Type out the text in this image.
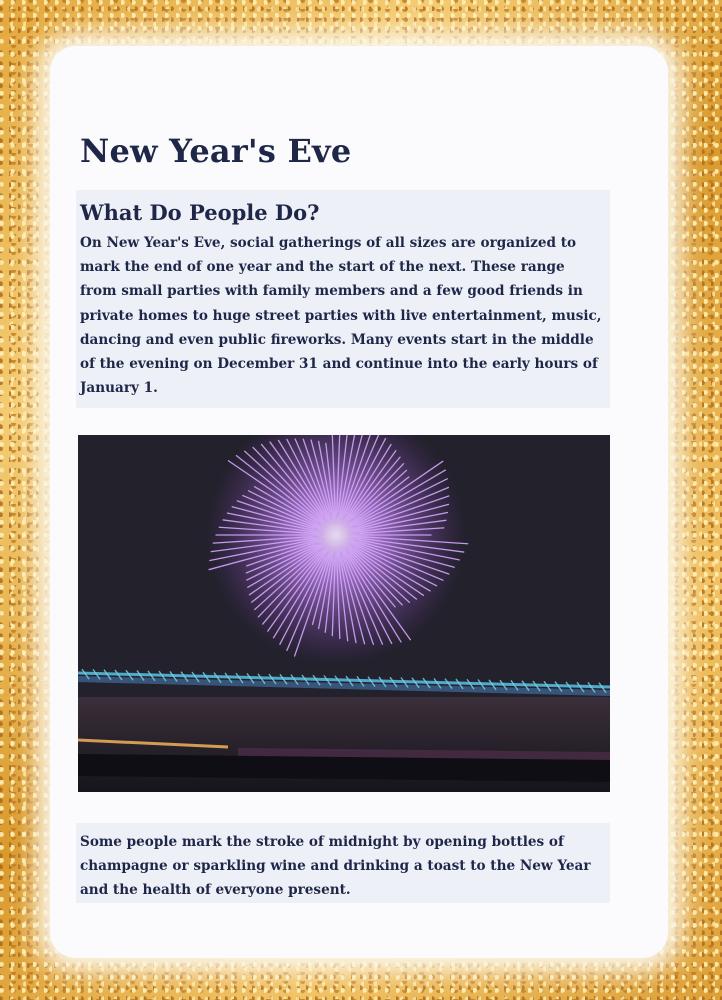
New Year's Eve
What Do People Do?

On New Year's Eve, social gatherings of all sizes are organized to mark the end of one year and the start of the next. These range from small parties with family members and a few good friends in private homes to huge street parties with live entertainment, music, dancing and even public fireworks. Many events start in the middle of the evening on December 31 and continue into the early hours of January 1.

Some people mark the stroke of midnight by opening bottles of champagne or sparkling wine and drinking a toast to the New Year and the health of everyone present.
